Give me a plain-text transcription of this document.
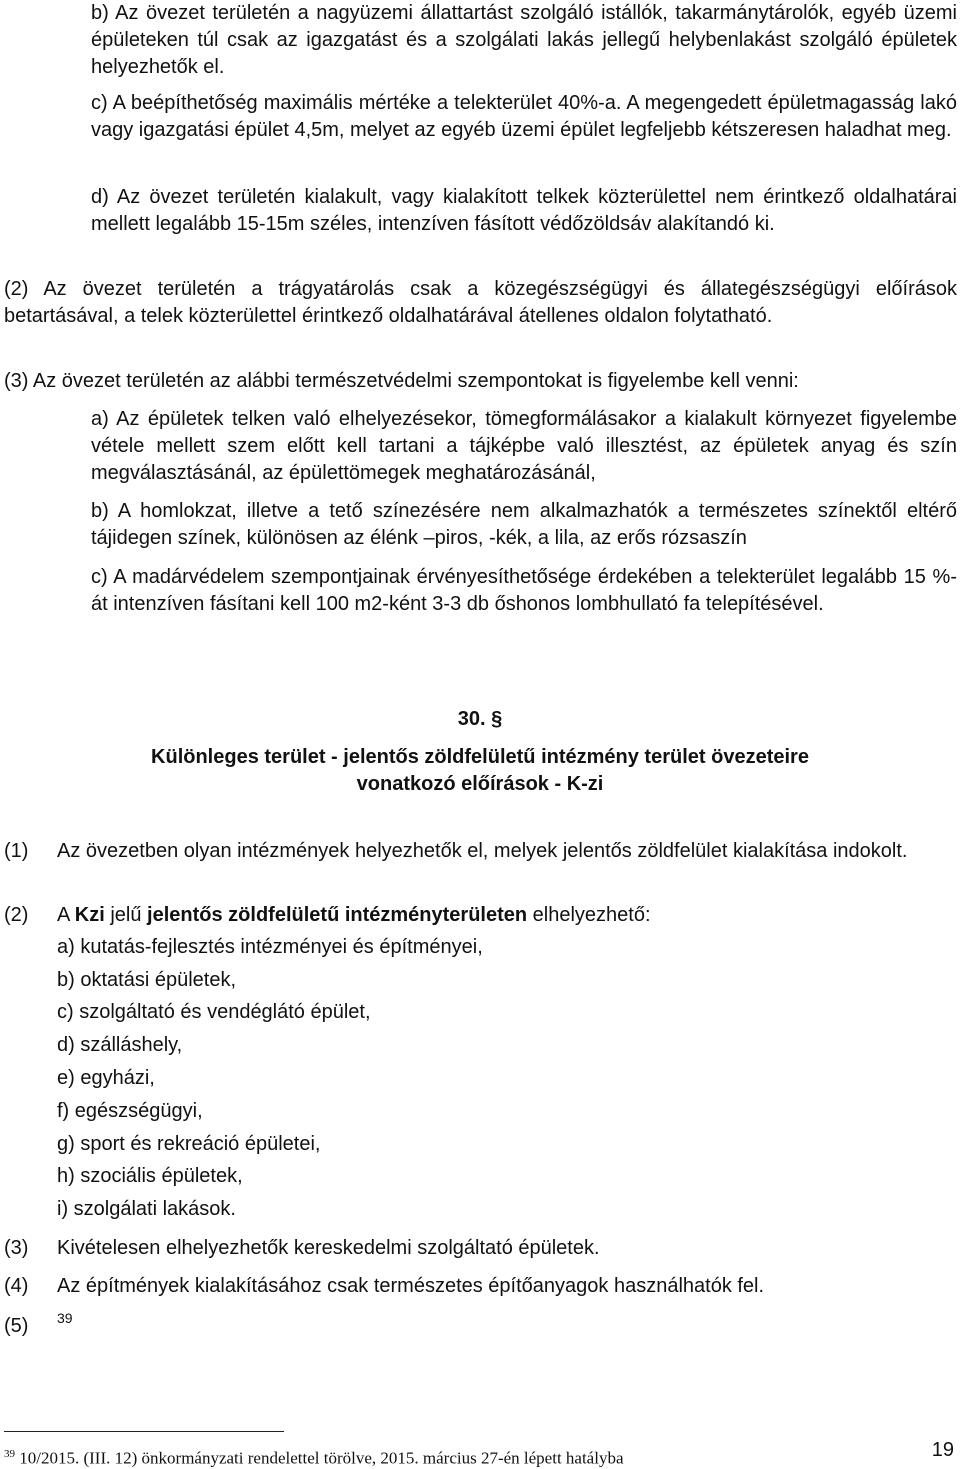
b) Az övezet területén a nagyüzemi állattartást szolgáló istállók, takarmánytárolók, egyéb üzemi épületeken túl csak az igazgatást és a szolgálati lakás jellegű helybenlakást szolgáló épületek helyezhetők el.

c) A beépíthetőség maximális mértéke a telekterület 40%-a. A megengedett épületmagasság lakó vagy igazgatási épület 4,5m, melyet az egyéb üzemi épület legfeljebb kétszeresen haladhat meg.

d) Az övezet területén kialakult, vagy kialakított telkek közterülettel nem érintkező oldalhatárai mellett legalább 15-15m széles, intenzíven fásított védőzöldsáv alakítandó ki.

(2) Az övezet területén a trágyatárolás csak a közegészségügyi és állategészségügyi előírások betartásával, a telek közterülettel érintkező oldalhatárával átellenes oldalon folytatható.

(3) Az övezet területén az alábbi természetvédelmi szempontokat is figyelembe kell venni:

a) Az épületek telken való elhelyezésekor, tömegformálásakor a kialakult környezet figyelembe vétele mellett szem előtt kell tartani a tájképbe való illesztést, az épületek anyag és szín megválasztásánál, az épülettömegek meghatározásánál,

b) A homlokzat, illetve a tető színezésére nem alkalmazhatók a természetes színektől eltérő tájidegen színek, különösen az élénk –piros, -kék, a lila, az erős rózsaszín

c) A madárvédelem szempontjainak érvényesíthetősége érdekében a telekterület legalább 15 %-át intenzíven fásítani kell 100 m2-ként 3-3 db őshonos lombhullató fa telepítésével.

30. §
Különleges terület - jelentős zöldfelületű intézmény terület övezeteire
vonatkozó előírások - K-zi
(1) Az övezetben olyan intézmények helyezhetők el, melyek jelentős zöldfelület kialakítása indokolt.

(2) A Kzi jelű jelentős zöldfelületű intézményterületen elhelyezhető:

a) kutatás-fejlesztés intézményei és építményei,
b) oktatási épületek,
c) szolgáltató és vendéglátó épület,
d) szálláshely,
e) egyházi,
f) egészségügyi,
g) sport és rekreáció épületei,
h) szociális épületek,
i) szolgálati lakások.
(3) Kivételesen elhelyezhetők kereskedelmi szolgáltató épületek.

(4) Az építmények kialakításához csak természetes építőanyagok használhatók fel.

(5) 39
$^{39}$ 10/2015. (III. 12) önkormányzati rendelettel törölve, 2015. március 27-én lépett hatályba	19
